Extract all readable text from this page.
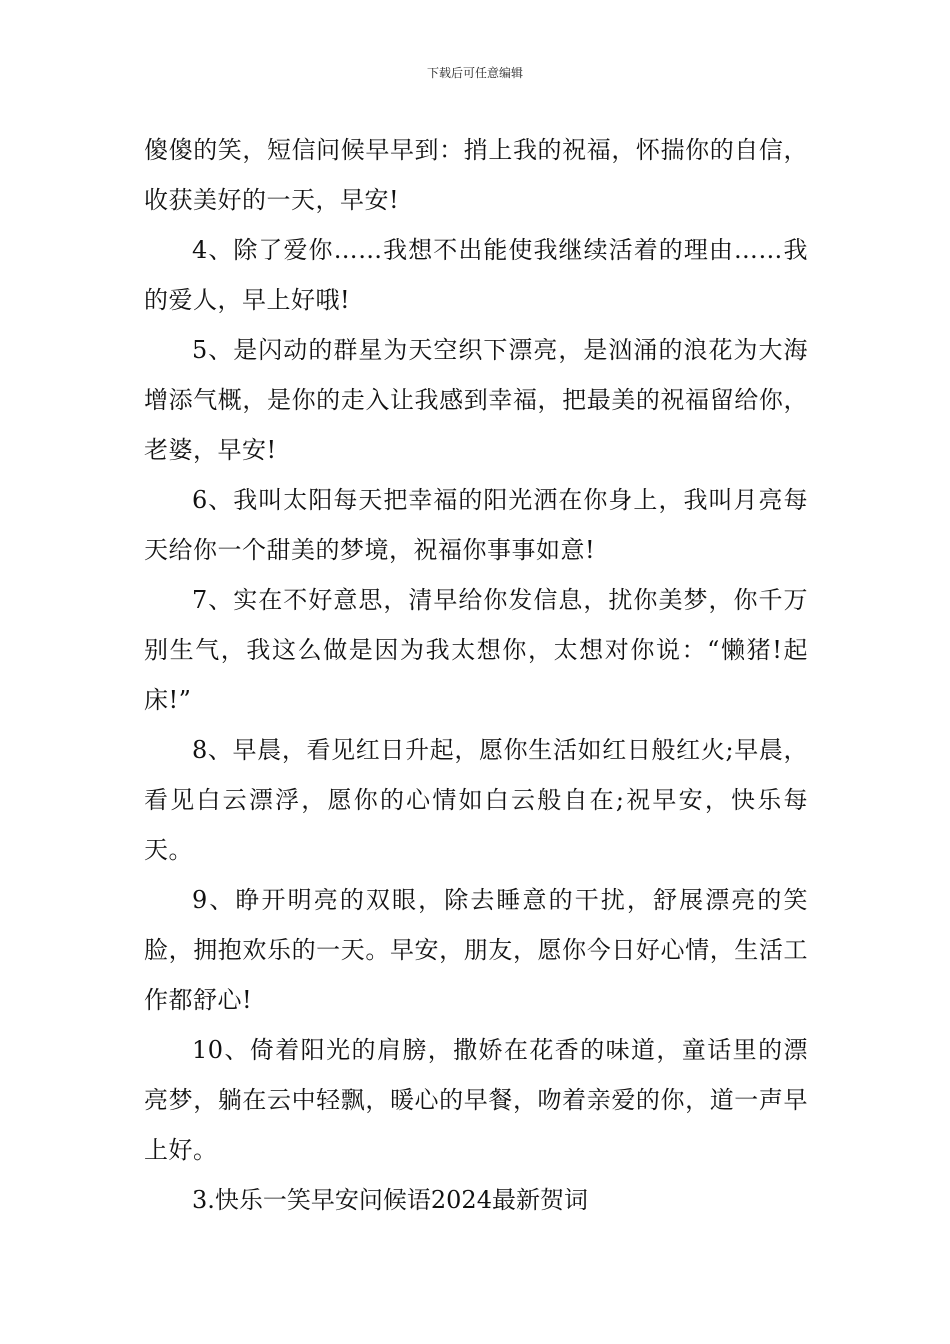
下载后可任意编辑

傻傻的笑，短信问候早早到：捎上我的祝福，怀揣你的自信，收获美好的一天，早安!

4、除了爱你……我想不出能使我继续活着的理由……我的爱人，早上好哦!

5、是闪动的群星为天空织下漂亮，是汹涌的浪花为大海增添气概，是你的走入让我感到幸福，把最美的祝福留给你，老婆，早安!

6、我叫太阳每天把幸福的阳光洒在你身上，我叫月亮每天给你一个甜美的梦境，祝福你事事如意!

7、实在不好意思，清早给你发信息，扰你美梦，你千万别生气，我这么做是因为我太想你，太想对你说：“懒猪!起床!”

8、早晨，看见红日升起，愿你生活如红日般红火;早晨，看见白云漂浮，愿你的心情如白云般自在;祝早安，快乐每天。

9、睁开明亮的双眼，除去睡意的干扰，舒展漂亮的笑脸，拥抱欢乐的一天。早安，朋友，愿你今日好心情，生活工作都舒心!

10、倚着阳光的肩膀，撒娇在花香的味道，童话里的漂亮梦，躺在云中轻飘，暖心的早餐，吻着亲爱的你，道一声早上好。

3.快乐一笑早安问候语2024最新贺词
